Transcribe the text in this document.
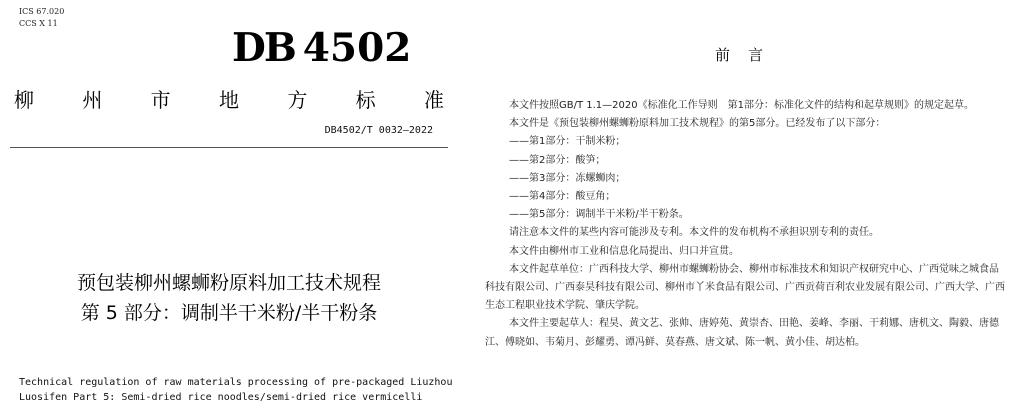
ICS 67.020
CCS X 11
DB 4502
柳 州 市 地 方 标 准
DB4502/T 0032—2022
预包装柳州螺蛳粉原料加工技术规程
第 5 部分：调制半干米粉/半干粉条
Technical regulation of raw materials processing of pre-packaged Liuzhou
Luosifen Part 5: Semi-dried rice noodles/semi-dried rice vermicelli
前言

本文件按照GB/T 1.1—2020《标准化工作导则　第1部分：标准化文件的结构和起草规则》的规定起草。

本文件是《预包装柳州螺蛳粉原料加工技术规程》的第5部分。已经发布了以下部分：

——第1部分：干制米粉；

——第2部分：酸笋；

——第3部分：冻螺蛳肉；

——第4部分：酸豆角；

——第5部分：调制半干米粉/半干粉条。

请注意本文件的某些内容可能涉及专利。本文件的发布机构不承担识别专利的责任。

本文件由柳州市工业和信息化局提出、归口并宣贯。

本文件起草单位：广西科技大学、柳州市螺蛳粉协会、柳州市标准技术和知识产权研究中心、广西觉味之城食品科技有限公司、广西泰昊科技有限公司、柳州市丫米食品有限公司、广西贡荷百利农业发展有限公司、广西大学、广西生态工程职业技术学院、肇庆学院。

本文件主要起草人：程昊、黄文艺、张帅、唐婷苑、黄崇杏、田艳、姜峰、李丽、干莉娜、唐机文、陶毅、唐德江、傅晓如、韦菊月、彭耀勇、谭冯鲜、莫春燕、唐文斌、陈一帆、黄小佳、胡达柏。
